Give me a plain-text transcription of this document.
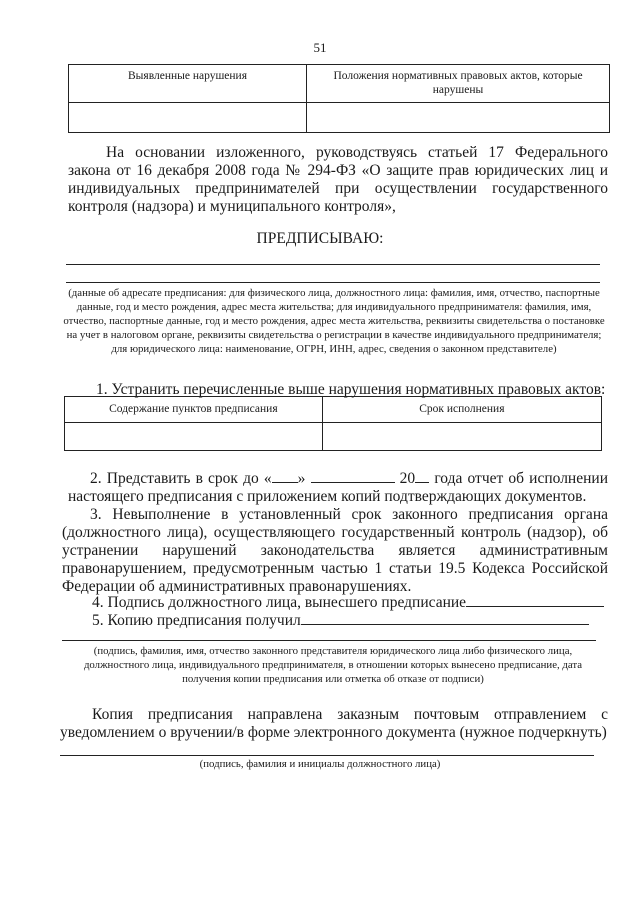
51
Выявленные нарушения	Положения нормативных правовых актов, которые нарушены

На основании изложенного, руководствуясь статьей 17 Федерального закона от 16 декабря 2008 года № 294-ФЗ «О защите прав юридических лиц и индивидуальных предпринимателей при осуществлении государственного контроля (надзора) и муниципального контроля»,
ПРЕДПИСЫВАЮ:
(данные об адресате предписания: для физического лица, должностного лица: фамилия, имя, отчество, паспортные данные, год и место рождения, адрес места жительства; для индивидуального предпринимателя: фамилия, имя, отчество, паспортные данные, год и место рождения, адрес места жительства, реквизиты свидетельства о постановке на учет в налоговом органе, реквизиты свидетельства о регистрации в качестве индивидуального предпринимателя; для юридического лица: наименование, ОГРН, ИНН, адрес, сведения о законном представителе)
1. Устранить перечисленные выше нарушения нормативных правовых актов:
Содержание пунктов предписания	Срок исполнения

2. Представить в срок до « »	20 года отчет об исполнении настоящего предписания с приложением копий подтверждающих документов.
3. Невыполнение в установленный срок законного предписания органа (должностного лица), осуществляющего государственный контроль (надзор), об устранении нарушений законодательства является административным правонарушением, предусмотренным частью 1 статьи 19.5 Кодекса Российской Федерации об административных правонарушениях.
4. Подпись должностного лица, вынесшего предписание
5. Копию предписания получил
(подпись, фамилия, имя, отчество законного представителя юридического лица либо физического лица, должностного лица, индивидуального предпринимателя, в отношении которых вынесено предписание, дата получения копии предписания или отметка об отказе от подписи)
Копия предписания направлена заказным почтовым отправлением с уведомлением о вручении/в форме электронного документа (нужное подчеркнуть)
(подпись, фамилия и инициалы должностного лица)
